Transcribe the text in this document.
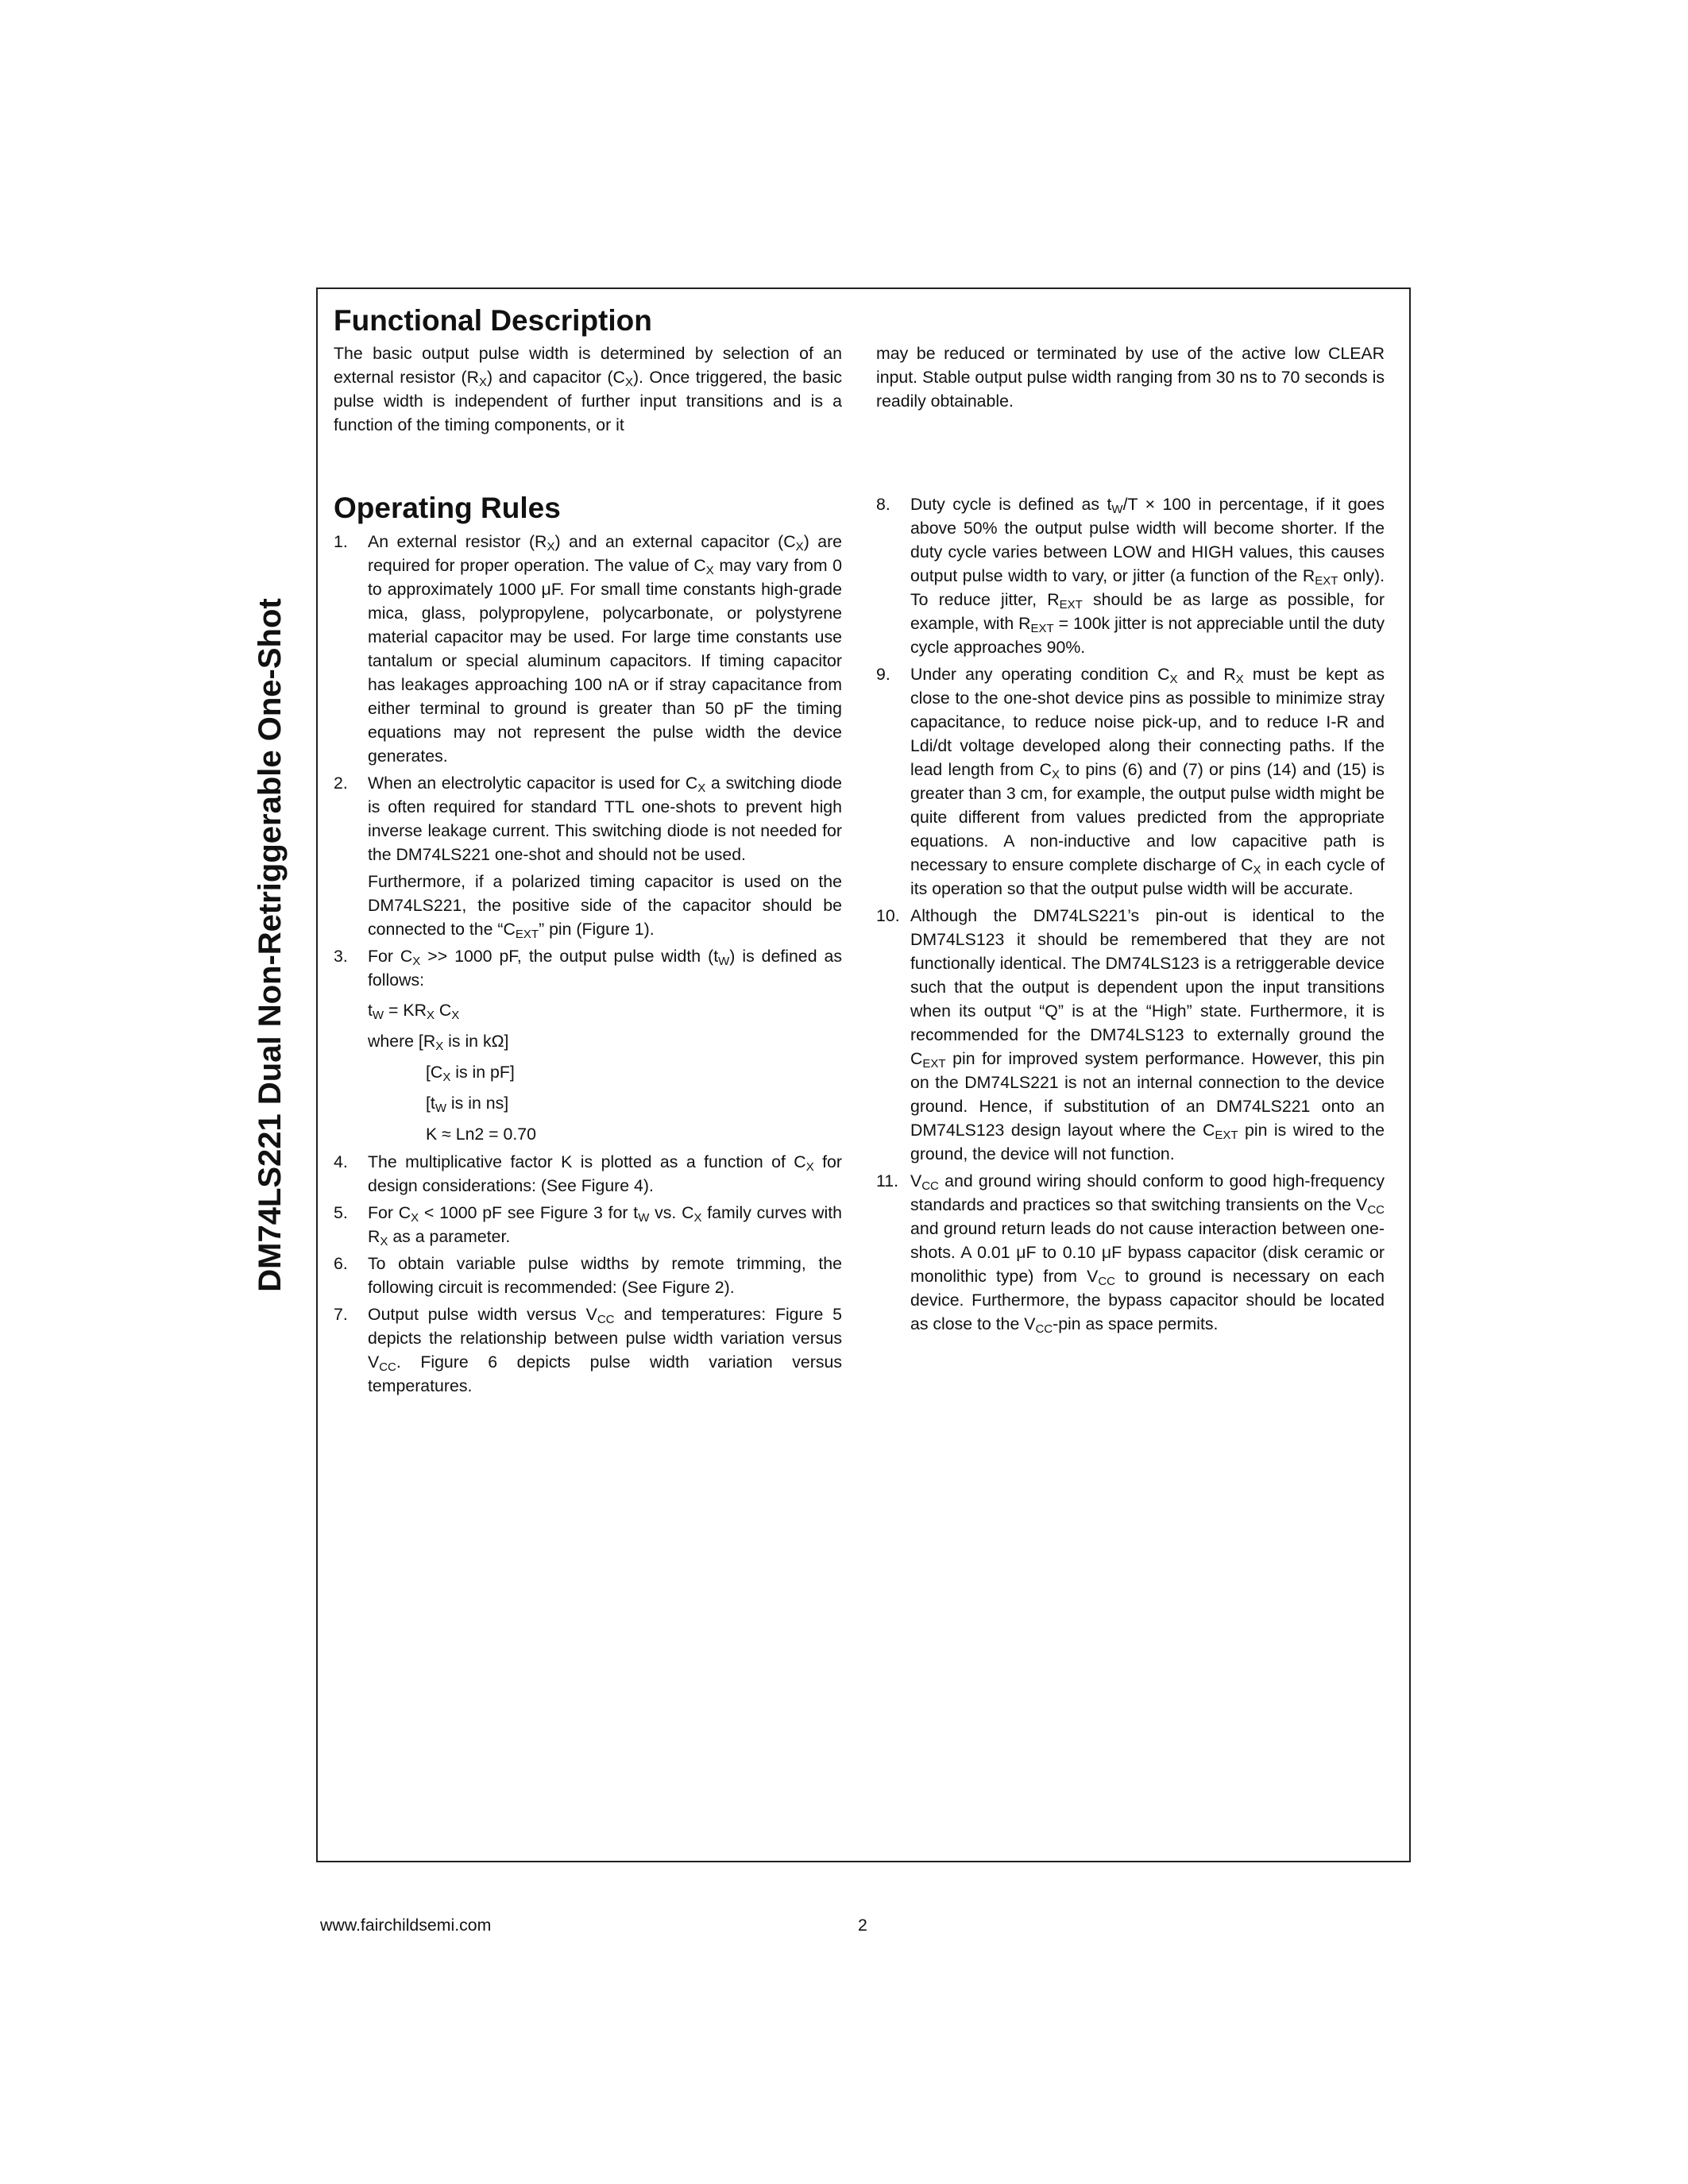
DM74LS221 Dual Non-Retriggerable One-Shot
Functional Description

The basic output pulse width is determined by selection of an external resistor $(R_X)$ and capacitor $(C_X)$. Once triggered, the basic pulse width is independent of further input transitions and is a function of the timing components, or it

may be reduced or terminated by use of the active low CLEAR input. Stable output pulse width ranging from 30 ns to 70 seconds is readily obtainable.

Operating Rules
1. An external resistor $(R_X)$ and an external capacitor $(C_X)$ are required for proper operation. The value of $C_X$ may vary from 0 to approximately 1000 μF. For small time constants high-grade mica, glass, polypropylene, polycarbonate, or polystyrene material capacitor may be used. For large time constants use tantalum or special aluminum capacitors. If timing capacitor has leakages approaching 100 nA or if stray capacitance from either terminal to ground is greater than 50 pF the timing equations may not represent the pulse width the device generates.

2. When an electrolytic capacitor is used for $C_X$ a switching diode is often required for standard TTL one-shots to prevent high inverse leakage current. This switching diode is not needed for the DM74LS221 one-shot and should not be used.

Furthermore, if a polarized timing capacitor is used on the DM74LS221, the positive side of the capacitor should be connected to the “$C_{EXT}$” pin (Figure 1).

3. For $C_X >> 1000$ pF, the output pulse width $(t_W)$ is defined as follows:

$t_W = KR_X$ $C_X$
where [$R_X$ is in kΩ]
[$C_X$ is in pF]
[$t_W$ is in ns]
K ≈ Ln2 = 0.70
4. The multiplicative factor K is plotted as a function of $C_X$ for design considerations: (See Figure 4).

5. For $C_X < 1000$ pF see Figure 3 for $t_W$ vs. $C_X$ family curves with $R_X$ as a parameter.

6. To obtain variable pulse widths by remote trimming, the following circuit is recommended: (See Figure 2).

7. Output pulse width versus $V_{CC}$ and temperatures: Figure 5 depicts the relationship between pulse width variation versus $V_{CC}$. Figure 6 depicts pulse width variation versus temperatures.

8. Duty cycle is defined as $t_W/T \times 100$ in percentage, if it goes above 50% the output pulse width will become shorter. If the duty cycle varies between LOW and HIGH values, this causes output pulse width to vary, or jitter (a function of the $R_{EXT}$ only). To reduce jitter, $R_{EXT}$ should be as large as possible, for example, with $R_{EXT} = 100k$ jitter is not appreciable until the duty cycle approaches 90%.

9. Under any operating condition $C_X$ and $R_X$ must be kept as close to the one-shot device pins as possible to minimize stray capacitance, to reduce noise pick-up, and to reduce I-R and Ldi/dt voltage developed along their connecting paths. If the lead length from $C_X$ to pins (6) and (7) or pins (14) and (15) is greater than 3 cm, for example, the output pulse width might be quite different from values predicted from the appropriate equations. A non-inductive and low capacitive path is necessary to ensure complete discharge of $C_X$ in each cycle of its operation so that the output pulse width will be accurate.

10. Although the DM74LS221’s pin-out is identical to the DM74LS123 it should be remembered that they are not functionally identical. The DM74LS123 is a retriggerable device such that the output is dependent upon the input transitions when its output “Q” is at the “High” state. Furthermore, it is recommended for the DM74LS123 to externally ground the $C_{EXT}$ pin for improved system performance. However, this pin on the DM74LS221 is not an internal connection to the device ground. Hence, if substitution of an DM74LS221 onto an DM74LS123 design layout where the $C_{EXT}$ pin is wired to the ground, the device will not function.

11. $V_{CC}$ and ground wiring should conform to good high-frequency standards and practices so that switching transients on the $V_{CC}$ and ground return leads do not cause interaction between one-shots. A 0.01 μF to 0.10 μF bypass capacitor (disk ceramic or monolithic type) from $V_{CC}$ to ground is necessary on each device. Furthermore, the bypass capacitor should be located as close to the $V_{CC}$-pin as space permits.

www.fairchildsemi.com	2
